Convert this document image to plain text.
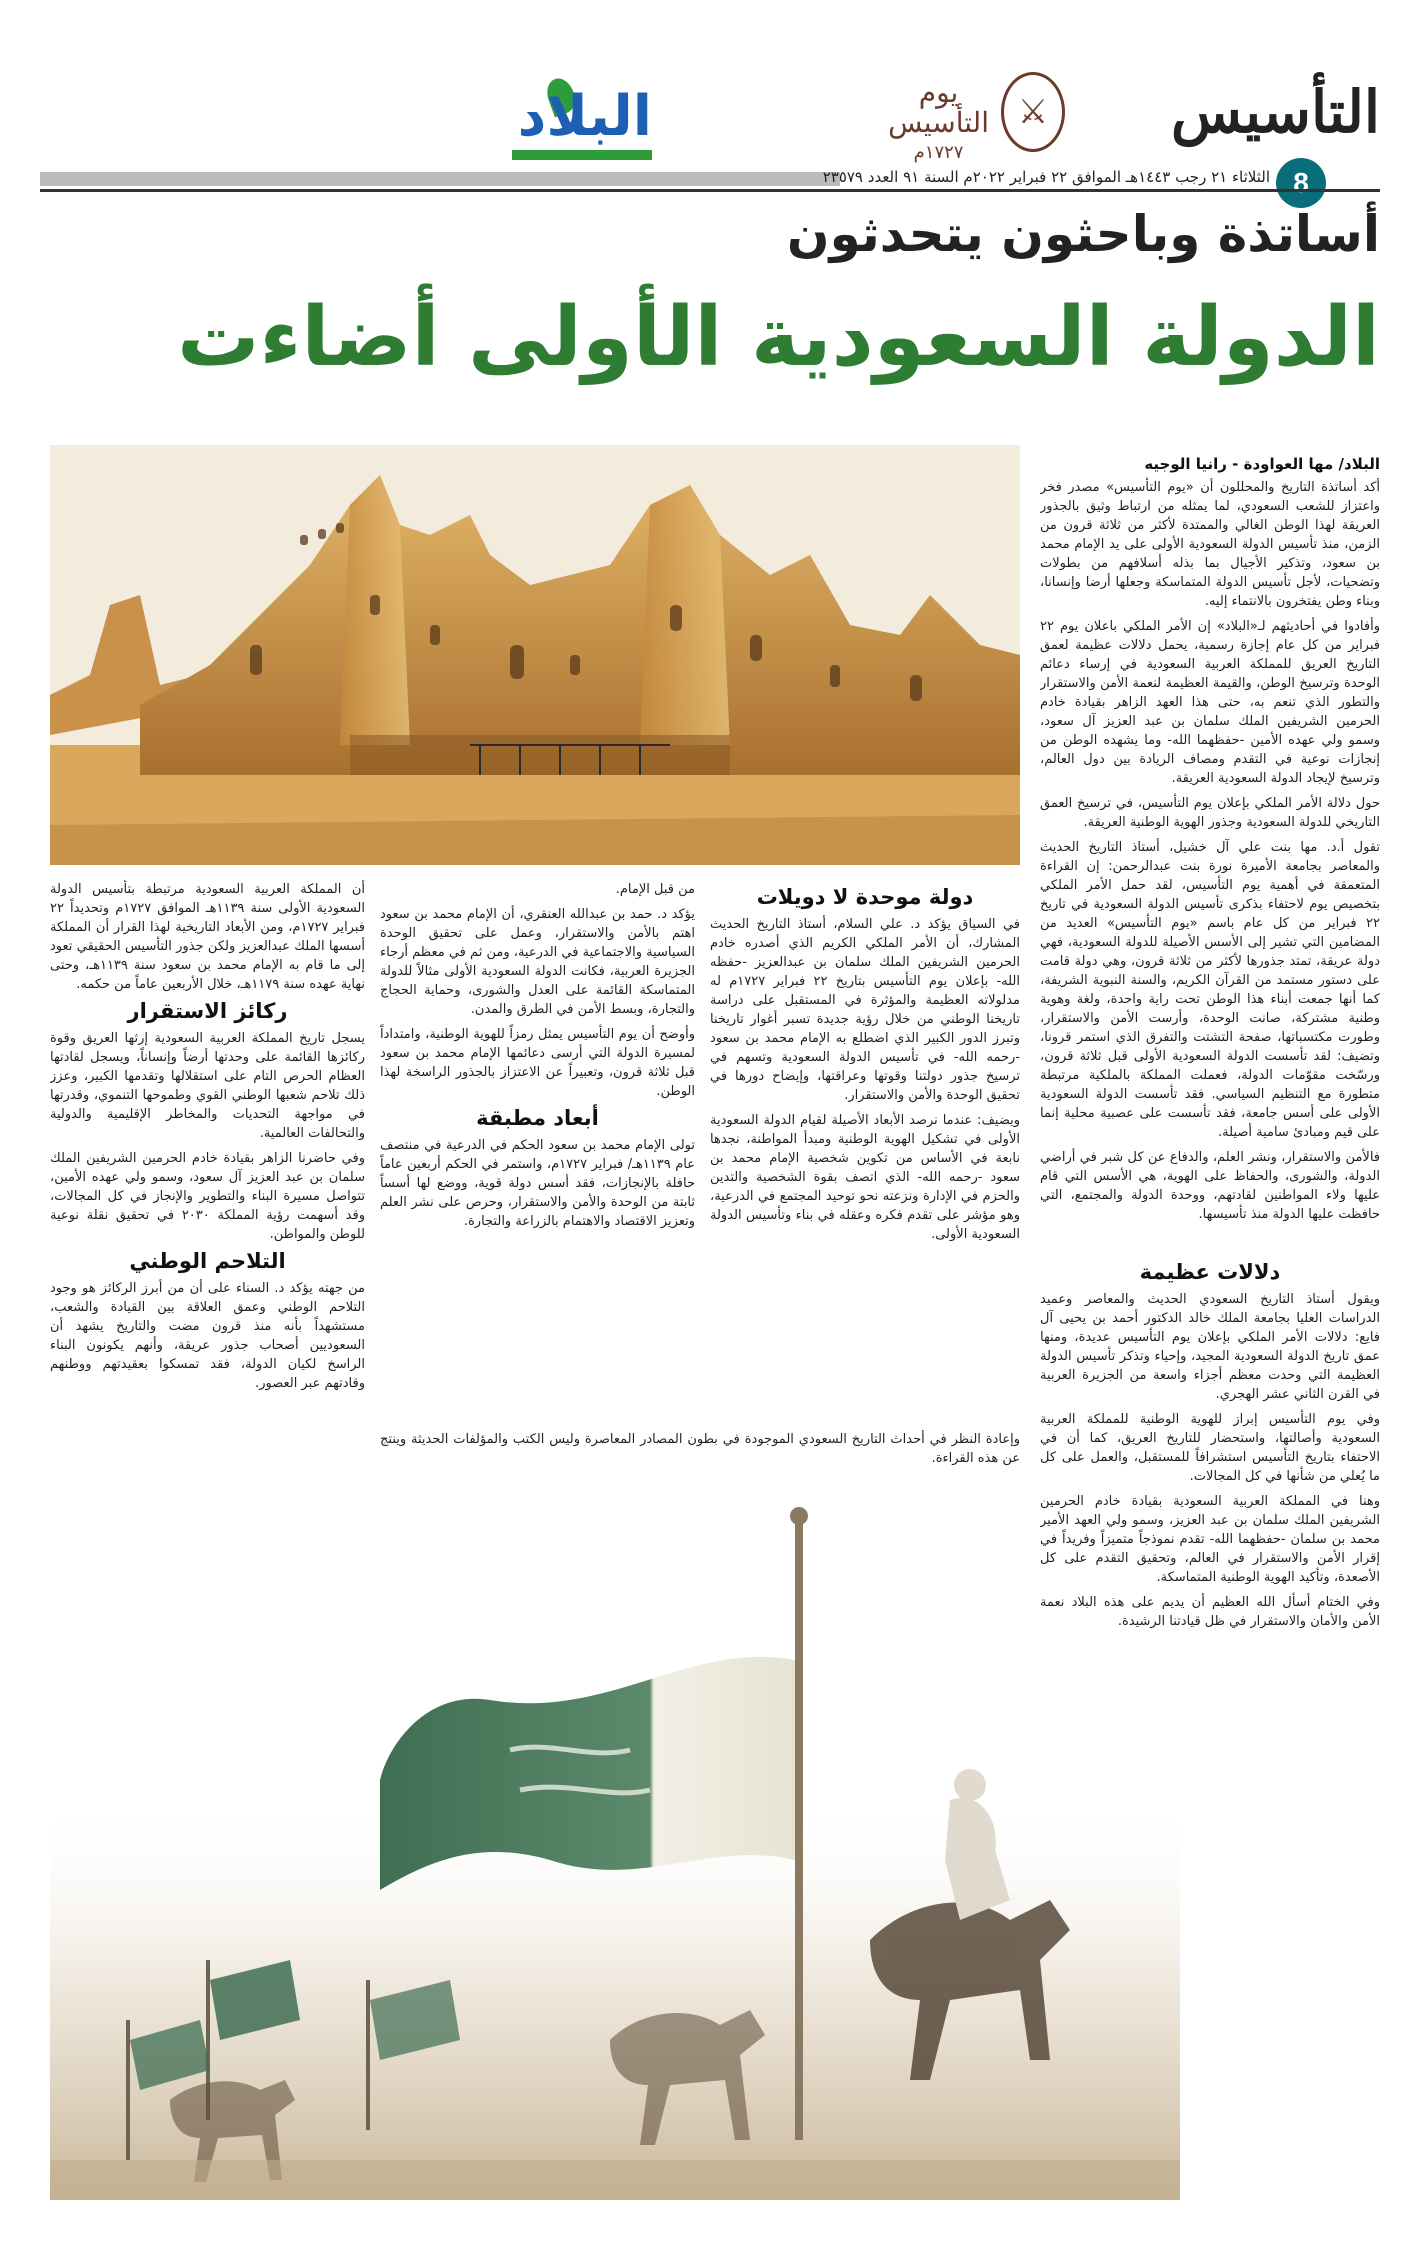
التأسيس
8
⚔
يوم
التأسيس
١٧٢٧م
البلاد
الثلاثاء ٢١ رجب ١٤٤٣هـ الموافق ٢٢ فبراير ٢٠٢٢م السنة ٩١ العدد ٢٣٥٧٩
أساتذة وباحثون يتحدثون
الدولة السعودية الأولى أضاءت
البلاد/ مها العواودة - رانيا الوجيه

أكد أساتذة التاريخ والمحللون أن «يوم التأسيس» مصدر فخر واعتزاز للشعب السعودي، لما يمثله من ارتباط وثيق بالجذور العريقة لهذا الوطن الغالي والممتدة لأكثر من ثلاثة قرون من الزمن، منذ تأسيس الدولة السعودية الأولى على يد الإمام محمد بن سعود، وتذكير الأجيال بما بذله أسلافهم من بطولات وتضحيات، لأجل تأسيس الدولة المتماسكة وجعلها أرضا وإنسانا، وبناء وطن يفتخرون بالانتماء إليه.

وأفادوا في أحاديثهم لـ«البلاد» إن الأمر الملكي باعلان يوم ٢٢ فبراير من كل عام إجازة رسمية، يحمل دلالات عظيمة لعمق التاريخ العريق للمملكة العربية السعودية في إرساء دعائم الوحدة وترسيخ الوطن، والقيمة العظيمة لنعمة الأمن والاستقرار والتطور الذي تنعم به، حتى هذا العهد الزاهر بقيادة خادم الحرمين الشريفين الملك سلمان بن عبد العزيز آل سعود، وسمو ولي عهده الأمين -حفظهما الله- وما يشهده الوطن من إنجازات نوعية في التقدم ومصاف الريادة بين دول العالم، وترسيخ لإيجاد الدولة السعودية العريقة.

حول دلالة الأمر الملكي بإعلان يوم التأسيس، في ترسيخ العمق التاريخي للدولة السعودية وجذور الهوية الوطنية العريقة.

تقول أ.د. مها بنت علي آل خشيل، أستاذ التاريخ الحديث والمعاصر بجامعة الأميرة نورة بنت عبدالرحمن: إن القراءة المتعمقة في أهمية يوم التأسيس، لقد حمل الأمر الملكي بتخصيص يوم لاحتفاء بذكرى تأسيس الدولة السعودية في تاريخ ٢٢ فبراير من كل عام باسم «يوم التأسيس» العديد من المضامين التي تشير إلى الأسس الأصيلة للدولة السعودية، فهي دولة عريقة، تمتد جذورها لأكثر من ثلاثة قرون، وهي دولة قامت على دستور مستمد من القرآن الكريم، والسنة النبوية الشريفة، كما أنها جمعت أبناء هذا الوطن تحت راية واحدة، ولغة وهوية وطنية مشتركة، صانت الوحدة، وأرست الأمن والاستقرار، وطورت مكتسباتها، صفحة التشتت والتفرق الذي استمر قرونا، وتضيف: لقد تأسست الدولة السعودية الأولى قبل ثلاثة قرون، ورسّخت مقوّمات الدولة، فعملت المملكة بالملكية مرتبطة متطورة مع التنظيم السياسي. فقد تأسست الدولة السعودية الأولى على أسس جامعة، فقد تأسست على عصبية محلية إنما على قيم ومبادئ سامية أصيلة.

فالأمن والاستقرار، ونشر العلم، والدفاع عن كل شبر في أراضي الدولة، والشورى، والحفاظ على الهوية، هي الأسس التي قام عليها ولاء المواطنين لقادتهم، ووحدة الدولة والمجتمع، التي حافظت عليها الدولة منذ تأسيسها.

دلالات عظيمة

ويقول أستاذ التاريخ السعودي الحديث والمعاصر وعميد الدراسات العليا بجامعة الملك خالد الدكتور أحمد بن يحيى آل فايع: دلالات الأمر الملكي بإعلان يوم التأسيس عديدة، ومنها عمق تاريخ الدولة السعودية المجيد، وإحياء وتذكر تأسيس الدولة العظيمة التي وحدت معظم أجزاء واسعة من الجزيرة العربية في القرن الثاني عشر الهجري.

وفي يوم التأسيس إبراز للهوية الوطنية للمملكة العربية السعودية وأصالتها، واستحضار للتاريخ العريق، كما أن في الاحتفاء بتاريخ التأسيس استشرافاً للمستقبل، والعمل على كل ما يُعلي من شأنها في كل المجالات.

وهنا في المملكة العربية السعودية بقيادة خادم الحرمين الشريفين الملك سلمان بن عبد العزيز، وسمو ولي العهد الأمير محمد بن سلمان -حفظهما الله- تقدم نموذجاً متميزاً وفريداً في إقرار الأمن والاستقرار في العالم، وتحقيق التقدم على كل الأصعدة، وتأكيد الهوية الوطنية المتماسكة.

وفي الختام أسأل الله العظيم أن يديم على هذه البلاد نعمة الأمن والأمان والاستقرار في ظل قيادتنا الرشيدة.

دولة موحدة لا دويلات

في السياق يؤكد د. علي السلام، أستاذ التاريخ الحديث المشارك، أن الأمر الملكي الكريم الذي أصدره خادم الحرمين الشريفين الملك سلمان بن عبدالعزيز -حفظه الله- بإعلان يوم التأسيس بتاريخ ٢٢ فبراير ١٧٢٧م له مدلولاته العظيمة والمؤثرة في المستقبل على دراسة تاريخنا الوطني من خلال رؤية جديدة تسبر أغوار تاريخنا وتبرز الدور الكبير الذي اضطلع به الإمام محمد بن سعود -رحمه الله- في تأسيس الدولة السعودية وتسهم في ترسيخ جذور دولتنا وقوتها وعراقتها، وإيضاح دورها في تحقيق الوحدة والأمن والاستقرار.

ويضيف: عندما نرصد الأبعاد الأصيلة لقيام الدولة السعودية الأولى في تشكيل الهوية الوطنية ومبدأ المواطنة، نجدها نابعة في الأساس من تكوين شخصية الإمام محمد بن سعود -رحمه الله- الذي اتصف بقوة الشخصية والتدين والحزم في الإدارة ونزعته نحو توحيد المجتمع في الدرعية، وهو مؤشر على تقدم فكره وعقله في بناء وتأسيس الدولة السعودية الأولى.

من قبل الإمام.

يؤكد د. حمد بن عبدالله العنقري، أن الإمام محمد بن سعود اهتم بالأمن والاستقرار، وعمل على تحقيق الوحدة السياسية والاجتماعية في الدرعية، ومن ثم في معظم أرجاء الجزيرة العربية، فكانت الدولة السعودية الأولى مثالاً للدولة المتماسكة القائمة على العدل والشورى، وحماية الحجاج والتجارة، وبسط الأمن في الطرق والمدن.

وأوضح أن يوم التأسيس يمثل رمزاً للهوية الوطنية، وامتداداً لمسيرة الدولة التي أرسى دعائمها الإمام محمد بن سعود قبل ثلاثة قرون، وتعبيراً عن الاعتزاز بالجذور الراسخة لهذا الوطن.

أبعاد مطبقة

تولى الإمام محمد بن سعود الحكم في الدرعية في منتصف عام ١١٣٩هـ/ فبراير ١٧٢٧م، واستمر في الحكم أربعين عاماً حافلة بالإنجازات، فقد أسس دولة قوية، ووضع لها أسساً ثابتة من الوحدة والأمن والاستقرار، وحرص على نشر العلم وتعزيز الاقتصاد والاهتمام بالزراعة والتجارة.

أن المملكة العربية السعودية مرتبطة بتأسيس الدولة السعودية الأولى سنة ١١٣٩هـ الموافق ١٧٢٧م وتحديداً ٢٢ فبراير ١٧٢٧م، ومن الأبعاد التاريخية لهذا القرار أن المملكة أسسها الملك عبدالعزيز ولكن جذور التأسيس الحقيقي تعود إلى ما قام به الإمام محمد بن سعود سنة ١١٣٩هـ، وحتى نهاية عهده سنة ١١٧٩هـ، خلال الأربعين عاماً من حكمه.

ركائز الاستقرار

يسجل تاريخ المملكة العربية السعودية إرثها العريق وقوة ركائزها القائمة على وحدتها أرضاً وإنساناً، ويسجل لقادتها العظام الحرص التام على استقلالها وتقدمها الكبير، وعزز ذلك تلاحم شعبها الوطني القوي وطموحها التنموي، وقدرتها في مواجهة التحديات والمخاطر الإقليمية والدولية والتحالفات العالمية.

وفي حاضرنا الزاهر بقيادة خادم الحرمين الشريفين الملك سلمان بن عبد العزيز آل سعود، وسمو ولي عهده الأمين، تتواصل مسيرة البناء والتطوير والإنجاز في كل المجالات، وقد أسهمت رؤية المملكة ٢٠٣٠ في تحقيق نقلة نوعية للوطن والمواطن.

التلاحم الوطني

من جهته يؤكد د. السناء على أن من أبرز الركائز هو وجود التلاحم الوطني وعمق العلاقة بين القيادة والشعب، مستشهداً بأنه منذ قرون مضت والتاريخ يشهد أن السعوديين أصحاب جذور عريقة، وأنهم يكونون البناء الراسخ لكيان الدولة، فقد تمسكوا بعقيدتهم ووطنهم وقادتهم عبر العصور.

وإعادة النظر في أحداث التاريخ السعودي الموجودة في بطون المصادر المعاصرة وليس الكتب والمؤلفات الحديثة وينتج عن هذه القراءة.
